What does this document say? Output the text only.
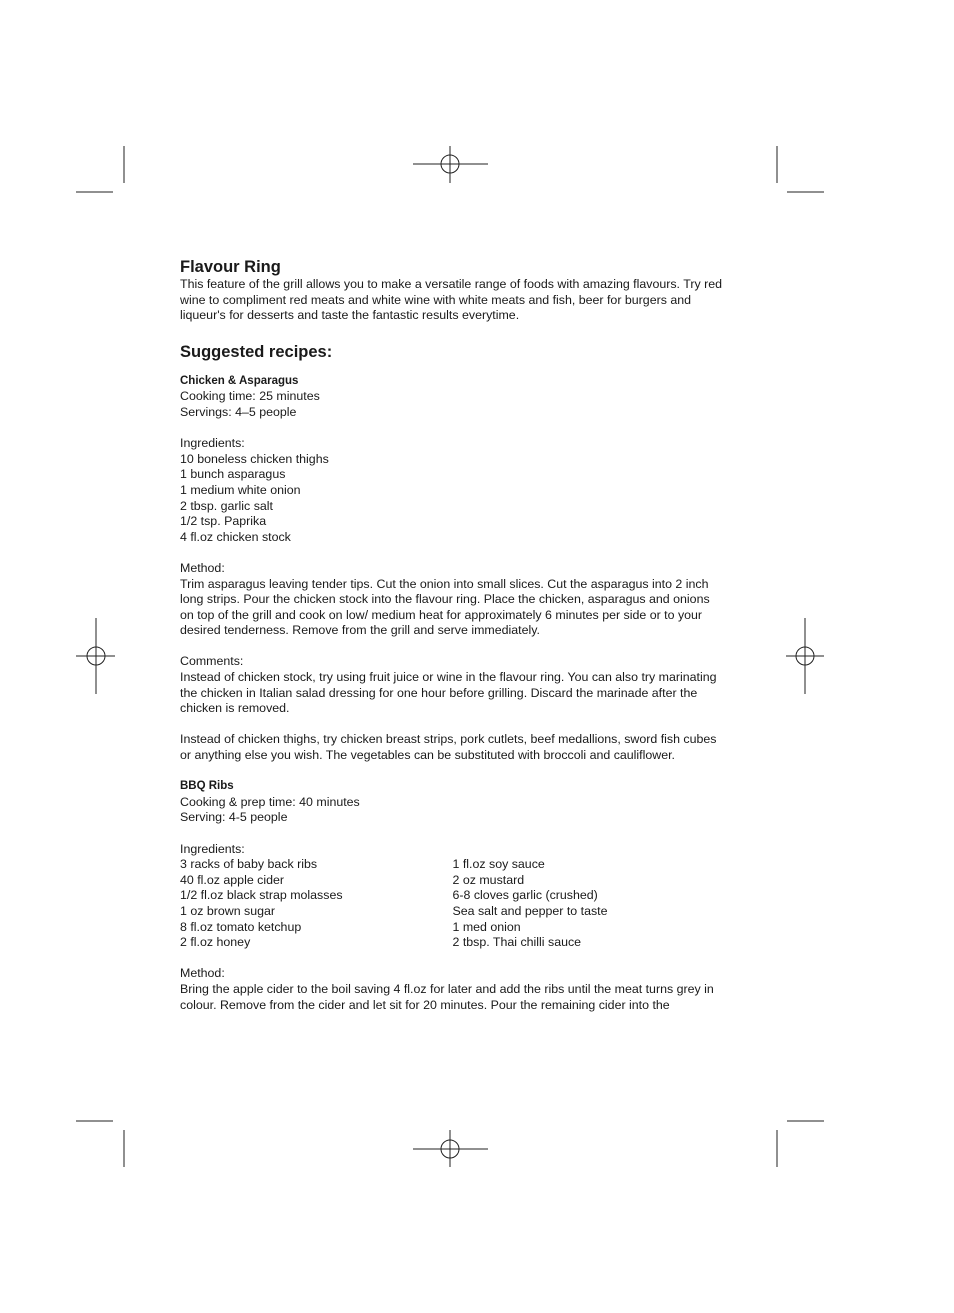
Flavour Ring

This feature of the grill allows you to make a versatile range of foods with amazing flavours. Try red wine to compliment red meats and white wine with white meats and fish, beer for burgers and liqueur's for desserts and taste the fantastic results everytime.

Suggested recipes:

Chicken & Asparagus

Cooking time: 25 minutes

Servings: 4–5 people

Ingredients:

10 boneless chicken thighs
1 bunch asparagus
1 medium white onion
2 tbsp. garlic salt
1/2 tsp. Paprika
4 fl.oz chicken stock

Method:

Trim asparagus leaving tender tips. Cut the onion into small slices. Cut the asparagus into 2 inch long strips. Pour the chicken stock into the flavour ring. Place the chicken, asparagus and onions on top of the grill and cook on low/ medium heat for approximately 6 minutes per side or to your desired tenderness. Remove from the grill and serve immediately.

Comments:

Instead of chicken stock, try using fruit juice or wine in the flavour ring. You can also try marinating the chicken in Italian salad dressing for one hour before grilling. Discard the marinade after the chicken is removed.

Instead of chicken thighs, try chicken breast strips, pork cutlets, beef medallions, sword fish cubes or anything else you wish. The vegetables can be substituted with broccoli and cauliflower.

BBQ Ribs

Cooking & prep time: 40 minutes

Serving: 4-5 people

Ingredients:

3 racks of baby back ribs
40 fl.oz apple cider
1/2 fl.oz black strap molasses
1 oz brown sugar
8 fl.oz tomato ketchup
2 fl.oz honey
1 fl.oz soy sauce
2 oz mustard
6-8 cloves garlic (crushed)
Sea salt and pepper to taste
1 med onion
2 tbsp. Thai chilli sauce

Method:

Bring the apple cider to the boil saving 4 fl.oz for later and add the ribs until the meat turns grey in colour. Remove from the cider and let sit for 20 minutes. Pour the remaining cider into the
